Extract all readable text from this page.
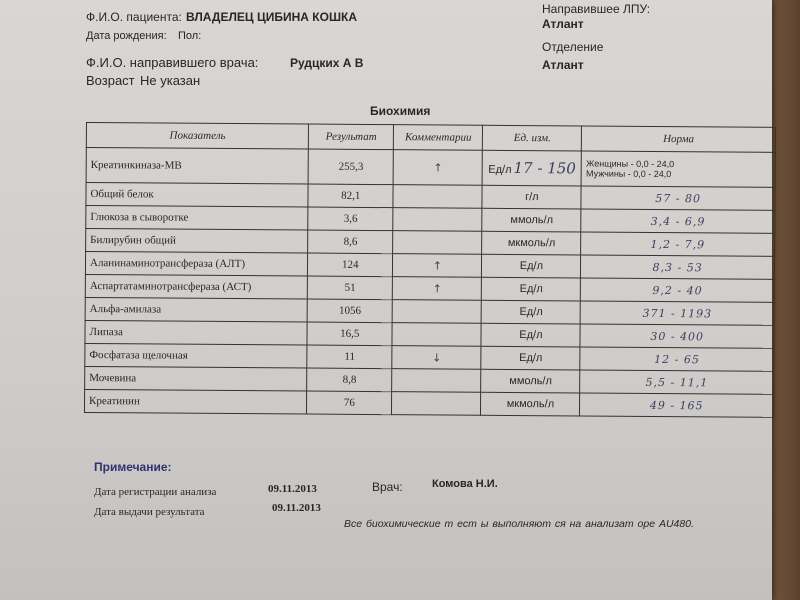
Ф.И.О. пациента: ВЛАДЕЛЕЦ ЦИБИНА КОШКА
Дата рождения: Пол:
Ф.И.О. направившего врача:	Рудцких А В
Возраст Не указан
Направившее ЛПУ:
Атлант
Отделение
Атлант
Биохимия
Показатель	Результат	Комментарии	Ед. изм.	Норма
Креатинкиназа-МВ	255,3	↑	Ед/л 17 - 150	Женщины - 0,0 - 24,0
Мужчины - 0,0 - 24,0

Общий белок	82,1		г/л	57 - 80
Глюкоза в сыворотке	3,6		ммоль/л	3,4 - 6,9
Билирубин общий	8,6		мкмоль/л	1,2 - 7,9
Аланинаминотрансфераза (АЛТ)	124	↑	Ед/л	8,3 - 53
Аспартатаминотрансфераза (АСТ)	51	↑	Ед/л	9,2 - 40
Альфа-амилаза	1056		Ед/л	371 - 1193
Липаза	16,5		Ед/л	30 - 400
Фосфатаза щелочная	11	↓	Ед/л	12 - 65
Мочевина	8,8		ммоль/л	5,5 - 11,1
Креатинин	76		мкмоль/л	49 - 165
Примечание:
Дата регистрации анализа	09.11.2013	Врач:	Комова Н.И.
Дата выдачи результата	09.11.2013
Все биохимические т ест ы выполняют ся на анализат оре AU480.
